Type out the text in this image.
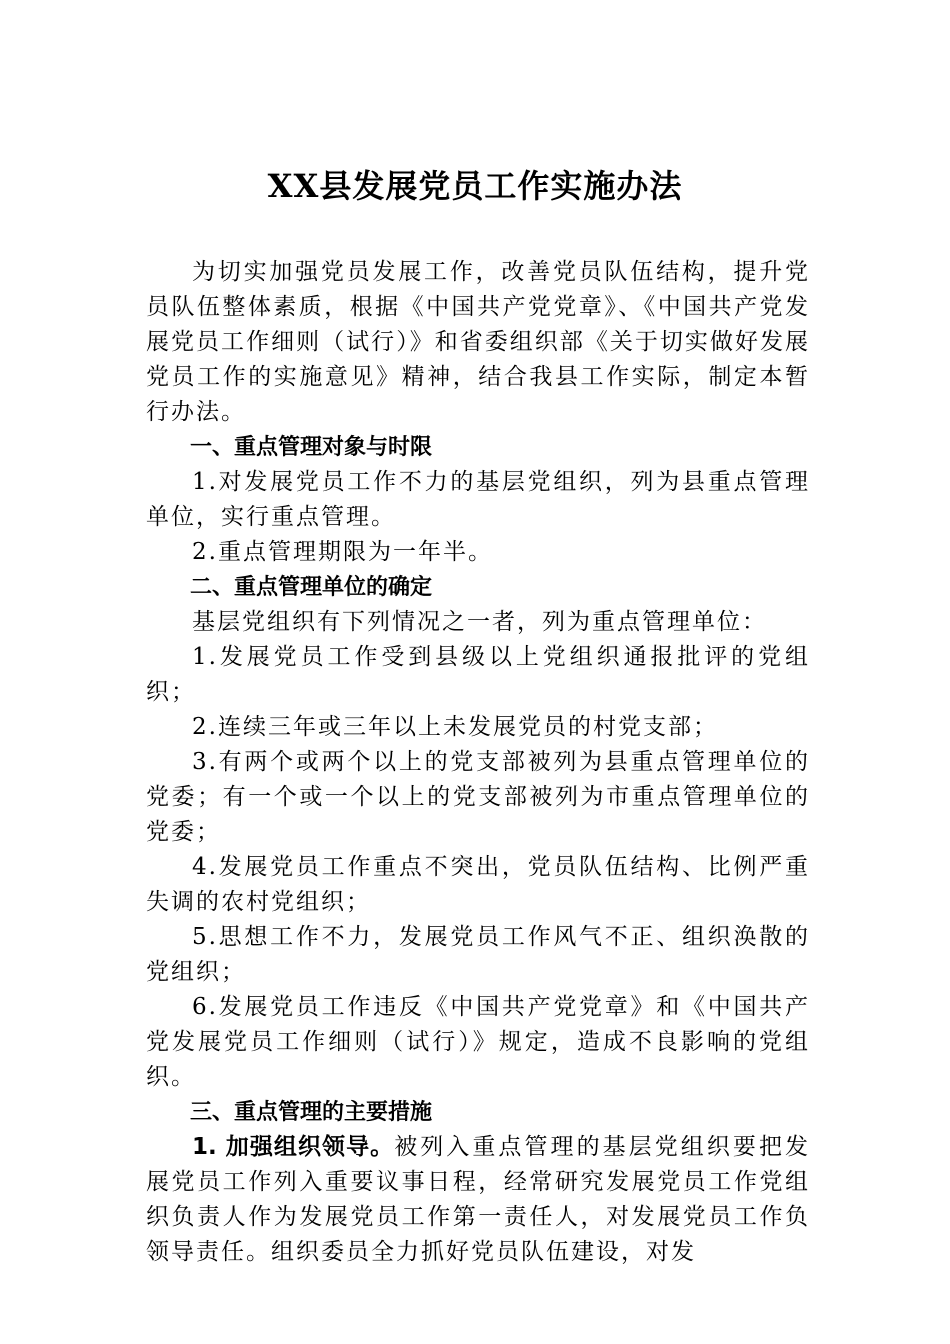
XX县发展党员工作实施办法

为切实加强党员发展工作，改善党员队伍结构，提升党员队伍整体素质，根据《中国共产党党章》、《中国共产党发展党员工作细则（试行）》和省委组织部《关于切实做好发展党员工作的实施意见》精神，结合我县工作实际，制定本暂行办法。

一、重点管理对象与时限

1.对发展党员工作不力的基层党组织，列为县重点管理单位，实行重点管理。

2.重点管理期限为一年半。

二、重点管理单位的确定

基层党组织有下列情况之一者，列为重点管理单位：

1.发展党员工作受到县级以上党组织通报批评的党组织；

2.连续三年或三年以上未发展党员的村党支部；

3.有两个或两个以上的党支部被列为县重点管理单位的党委；有一个或一个以上的党支部被列为市重点管理单位的党委；

4.发展党员工作重点不突出，党员队伍结构、比例严重失调的农村党组织；

5.思想工作不力，发展党员工作风气不正、组织涣散的党组织；

6.发展党员工作违反《中国共产党党章》和《中国共产党发展党员工作细则（试行）》规定，造成不良影响的党组织。

三、重点管理的主要措施

1. 加强组织领导。被列入重点管理的基层党组织要把发展党员工作列入重要议事日程，经常研究发展党员工作党组织负责人作为发展党员工作第一责任人，对发展党员工作负领导责任。组织委员全力抓好党员队伍建设，对发
